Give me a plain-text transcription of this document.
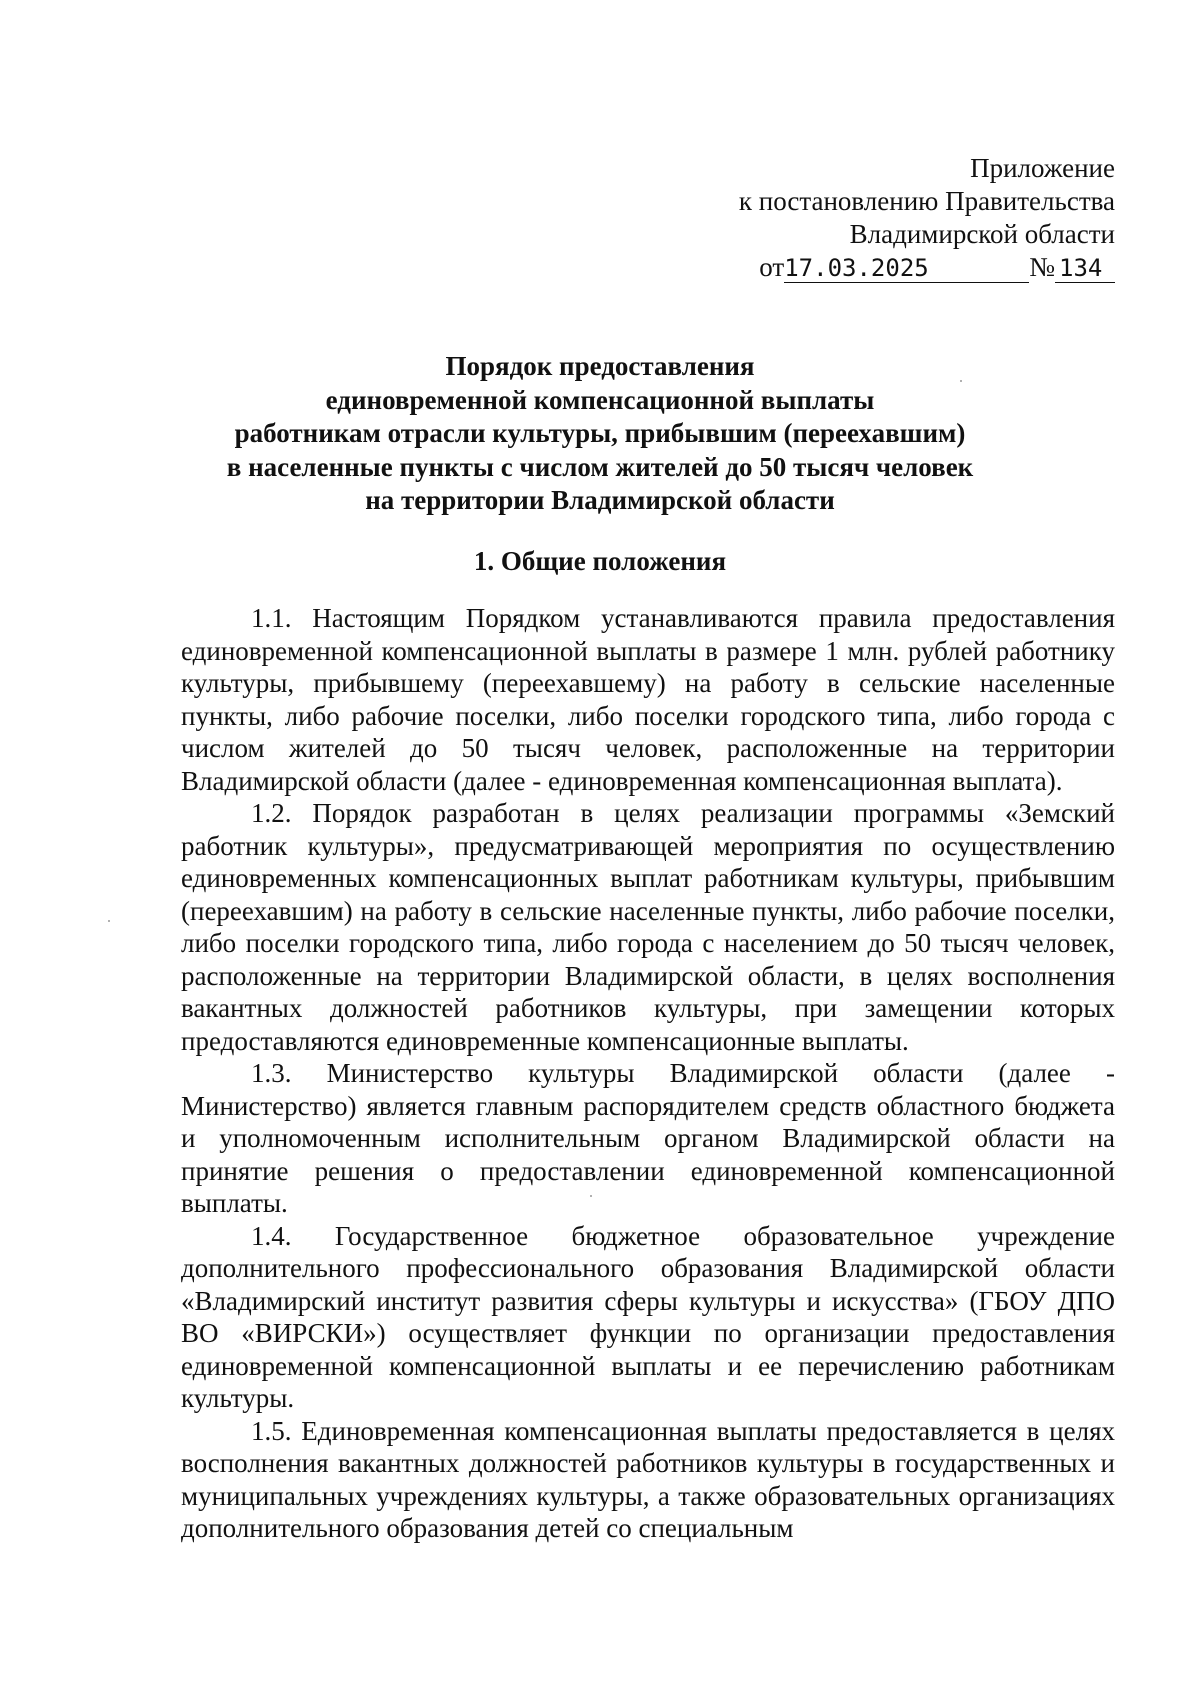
Приложение
к постановлению Правительства
Владимирской области
от17.03.2025	№ 134
Порядок предоставления
единовременной компенсационной выплаты
работникам отрасли культуры, прибывшим (переехавшим)
в населенные пункты с числом жителей до 50 тысяч человек
на территории Владимирской области
1. Общие положения

1.1. Настоящим Порядком устанавливаются правила предоставления единовременной компенсационной выплаты в размере 1 млн. рублей работнику культуры, прибывшему (переехавшему) на работу в сельские населенные пункты, либо рабочие поселки, либо поселки городского типа, либо города с числом жителей до 50 тысяч человек, расположенные на территории Владимирской области (далее - единовременная компенсационная выплата).

1.2. Порядок разработан в целях реализации программы «Земский работник культуры», предусматривающей мероприятия по осуществлению единовременных компенсационных выплат работникам культуры, прибывшим (переехавшим) на работу в сельские населенные пункты, либо рабочие поселки, либо поселки городского типа, либо города с населением до 50 тысяч человек, расположенные на территории Владимирской области, в целях восполнения вакантных должностей работников культуры, при замещении которых предоставляются единовременные компенсационные выплаты.

1.3. Министерство культуры Владимирской области (далее - Министерство) является главным распорядителем средств областного бюджета и уполномоченным исполнительным органом Владимирской области на принятие решения о предоставлении единовременной компенсационной выплаты.

1.4. Государственное бюджетное образовательное учреждение дополнительного профессионального образования Владимирской области «Владимирский институт развития сферы культуры и искусства» (ГБОУ ДПО ВО «ВИРСКИ») осуществляет функции по организации предоставления единовременной компенсационной выплаты и ее перечислению работникам культуры.

1.5. Единовременная компенсационная выплаты предоставляется в целях восполнения вакантных должностей работников культуры в государственных и муниципальных учреждениях культуры, а также образовательных организациях дополнительного образования детей со специальным
